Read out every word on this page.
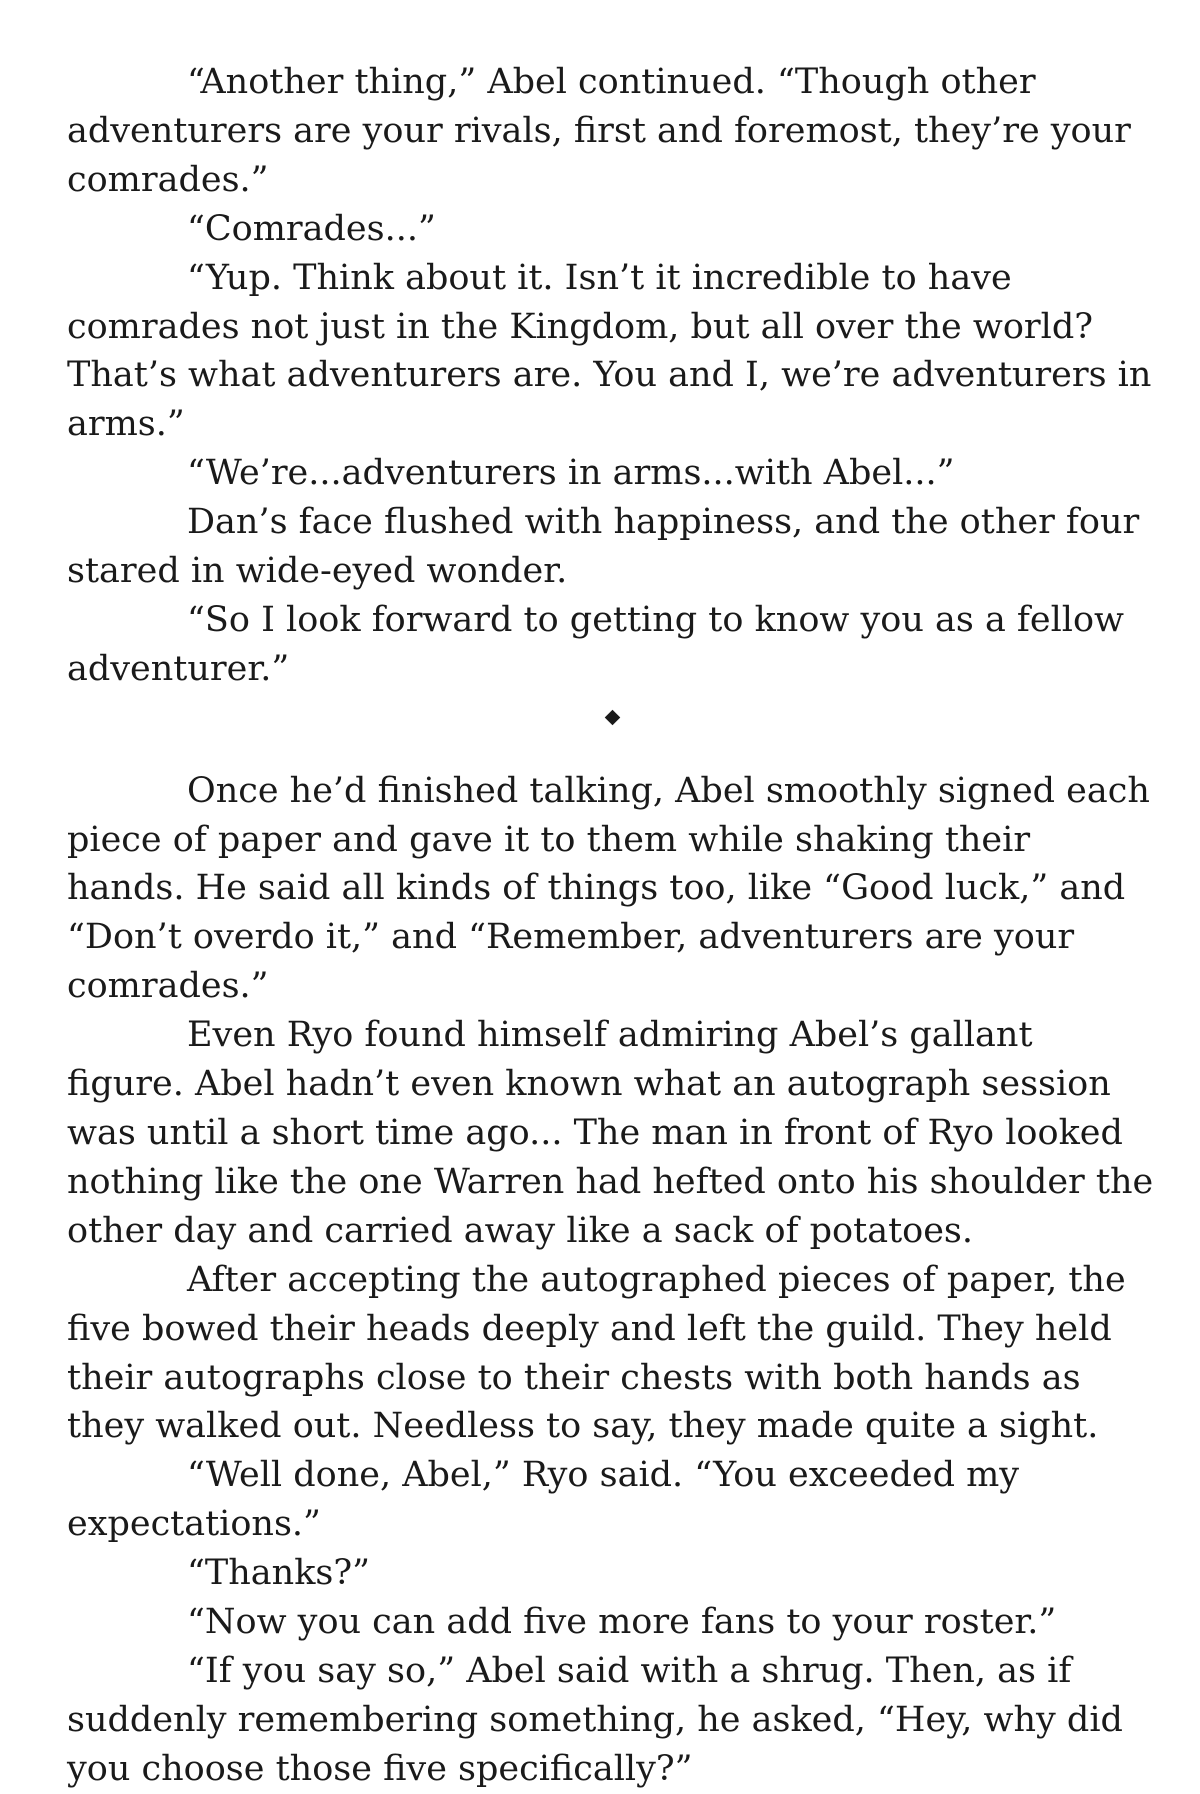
“Another thing,” Abel continued. “Though other adventurers are your rivals, first and foremost, they’re your comrades.”

“Comrades...”

“Yup. Think about it. Isn’t it incredible to have comrades not just in the Kingdom, but all over the world? That’s what adventurers are. You and I, we’re adventurers in arms.”

“We’re...adventurers in arms...with Abel...”

Dan’s face flushed with happiness, and the other four stared in wide-eyed wonder.

“So I look forward to getting to know you as a fellow adventurer.”

Once he’d finished talking, Abel smoothly signed each piece of paper and gave it to them while shaking their hands. He said all kinds of things too, like “Good luck,” and “Don’t overdo it,” and “Remember, adventurers are your comrades.”

Even Ryo found himself admiring Abel’s gallant figure. Abel hadn’t even known what an autograph session was until a short time ago... The man in front of Ryo looked nothing like the one Warren had hefted onto his shoulder the other day and carried away like a sack of potatoes.

After accepting the autographed pieces of paper, the five bowed their heads deeply and left the guild. They held their autographs close to their chests with both hands as they walked out. Needless to say, they made quite a sight.

“Well done, Abel,” Ryo said. “You exceeded my expectations.”

“Thanks?”

“Now you can add five more fans to your roster.”

“If you say so,” Abel said with a shrug. Then, as if suddenly remembering something, he asked, “Hey, why did you choose those five specifically?”
